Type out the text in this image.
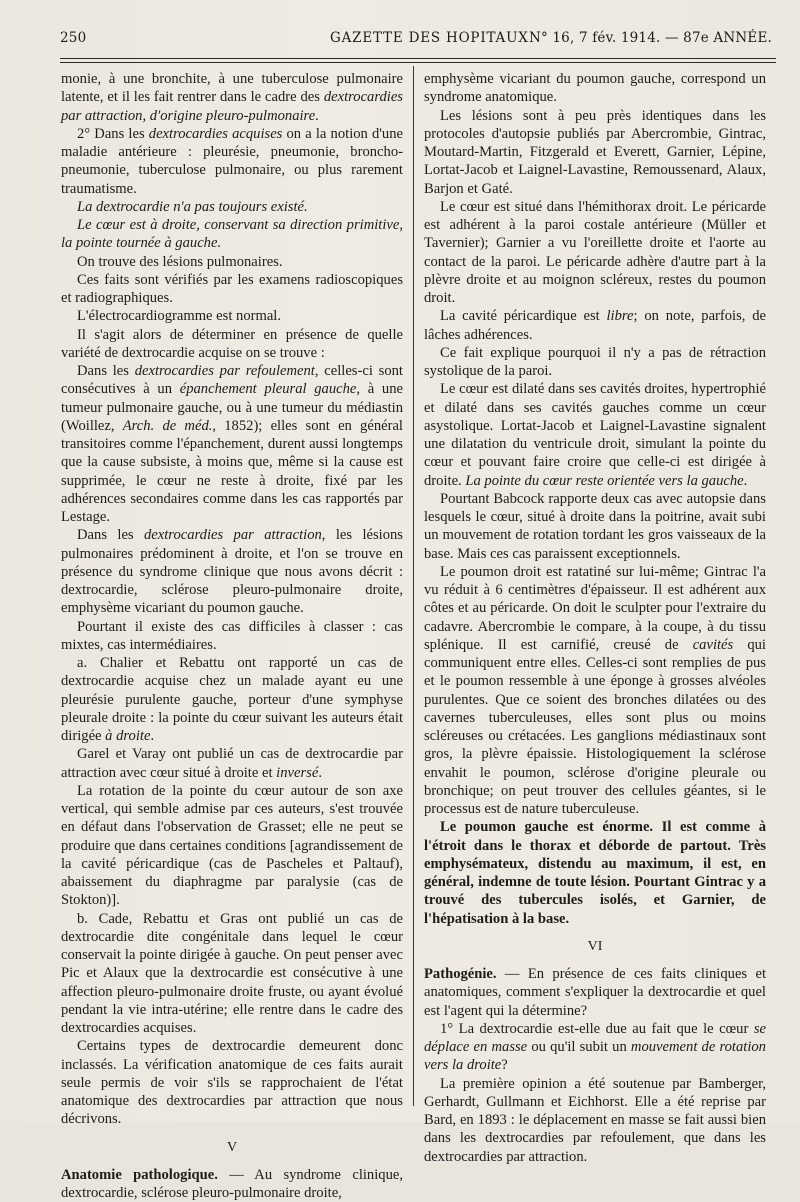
250	GAZETTE DES HOPITAUX N° 16, 7 fév. 1914. — 87e ANNÉE.

monie, à une bronchite, à une tuberculose pulmonaire latente, et il les fait rentrer dans le cadre des dextrocardies par attraction, d'origine pleuro-pulmonaire.

2° Dans les dextrocardies acquises on a la notion d'une maladie antérieure : pleurésie, pneumonie, broncho-pneumonie, tuberculose pulmonaire, ou plus rarement traumatisme.

La dextrocardie n'a pas toujours existé.

Le cœur est à droite, conservant sa direction primitive, la pointe tournée à gauche.

On trouve des lésions pulmonaires.

Ces faits sont vérifiés par les examens radioscopiques et radiographiques.

L'électrocardiogramme est normal.

Il s'agit alors de déterminer en présence de quelle variété de dextrocardie acquise on se trouve :

Dans les dextrocardies par refoulement, celles-ci sont consécutives à un épanchement pleural gauche, à une tumeur pulmonaire gauche, ou à une tumeur du médiastin (Woillez, Arch. de méd., 1852); elles sont en général transitoires comme l'épanchement, durent aussi longtemps que la cause subsiste, à moins que, même si la cause est supprimée, le cœur ne reste à droite, fixé par les adhérences secondaires comme dans les cas rapportés par Lestage.

Dans les dextrocardies par attraction, les lésions pulmonaires prédominent à droite, et l'on se trouve en présence du syndrome clinique que nous avons décrit : dextrocardie, sclérose pleuro-pulmonaire droite, emphysème vicariant du poumon gauche.

Pourtant il existe des cas difficiles à classer : cas mixtes, cas intermédiaires.

a. Chalier et Rebattu ont rapporté un cas de dextrocardie acquise chez un malade ayant eu une pleurésie purulente gauche, porteur d'une symphyse pleurale droite : la pointe du cœur suivant les auteurs était dirigée à droite.

Garel et Varay ont publié un cas de dextrocardie par attraction avec cœur situé à droite et inversé.

La rotation de la pointe du cœur autour de son axe vertical, qui semble admise par ces auteurs, s'est trouvée en défaut dans l'observation de Grasset; elle ne peut se produire que dans certaines conditions [agrandissement de la cavité péricardique (cas de Pascheles et Paltauf), abaissement du diaphragme par paralysie (cas de Stokton)].

b. Cade, Rebattu et Gras ont publié un cas de dextrocardie dite congénitale dans lequel le cœur conservait la pointe dirigée à gauche. On peut penser avec Pic et Alaux que la dextrocardie est consécutive à une affection pleuro-pulmonaire droite fruste, ou ayant évolué pendant la vie intra-utérine; elle rentre dans le cadre des dextrocardies acquises.

Certains types de dextrocardie demeurent donc inclassés. La vérification anatomique de ces faits aurait seule permis de voir s'ils se rapprochaient de l'état anatomique des dextrocardies par attraction que nous décrivons.

V

Anatomie pathologique. — Au syndrome clinique, dextrocardie, sclérose pleuro-pulmonaire droite,

emphysème vicariant du poumon gauche, correspond un syndrome anatomique.

Les lésions sont à peu près identiques dans les protocoles d'autopsie publiés par Abercrombie, Gintrac, Moutard-Martin, Fitzgerald et Everett, Garnier, Lépine, Lortat-Jacob et Laignel-Lavastine, Remoussenard, Alaux, Barjon et Gaté.

Le cœur est situé dans l'hémithorax droit. Le péricarde est adhérent à la paroi costale antérieure (Müller et Tavernier); Garnier a vu l'oreillette droite et l'aorte au contact de la paroi. Le péricarde adhère d'autre part à la plèvre droite et au moignon scléreux, restes du poumon droit.

La cavité péricardique est libre; on note, parfois, de lâches adhérences.

Ce fait explique pourquoi il n'y a pas de rétraction systolique de la paroi.

Le cœur est dilaté dans ses cavités droites, hypertrophié et dilaté dans ses cavités gauches comme un cœur asystolique. Lortat-Jacob et Laignel-Lavastine signalent une dilatation du ventricule droit, simulant la pointe du cœur et pouvant faire croire que celle-ci est dirigée à droite. La pointe du cœur reste orientée vers la gauche.

Pourtant Babcock rapporte deux cas avec autopsie dans lesquels le cœur, situé à droite dans la poitrine, avait subi un mouvement de rotation tordant les gros vaisseaux de la base. Mais ces cas paraissent exceptionnels.

Le poumon droit est ratatiné sur lui-même; Gintrac l'a vu réduit à 6 centimètres d'épaisseur. Il est adhérent aux côtes et au péricarde. On doit le sculpter pour l'extraire du cadavre. Abercrombie le compare, à la coupe, à du tissu splénique. Il est carnifié, creusé de cavités qui communiquent entre elles. Celles-ci sont remplies de pus et le poumon ressemble à une éponge à grosses alvéoles purulentes. Que ce soient des bronches dilatées ou des cavernes tuberculeuses, elles sont plus ou moins scléreuses ou crétacées. Les ganglions médiastinaux sont gros, la plèvre épaissie. Histologiquement la sclérose envahit le poumon, sclérose d'origine pleurale ou bronchique; on peut trouver des cellules géantes, si le processus est de nature tuberculeuse.

Le poumon gauche est énorme. Il est comme à l'étroit dans le thorax et déborde de partout. Très emphysémateux, distendu au maximum, il est, en général, indemne de toute lésion. Pourtant Gintrac y a trouvé des tubercules isolés, et Garnier, de l'hépatisation à la base.

VI

Pathogénie. — En présence de ces faits cliniques et anatomiques, comment s'expliquer la dextrocardie et quel est l'agent qui la détermine?

1° La dextrocardie est-elle due au fait que le cœur se déplace en masse ou qu'il subit un mouvement de rotation vers la droite?

La première opinion a été soutenue par Bamberger, Gerhardt, Gullmann et Eichhorst. Elle a été reprise par Bard, en 1893 : le déplacement en masse se fait aussi bien dans les dextrocardies par refoulement, que dans les dextrocardies par attraction.
